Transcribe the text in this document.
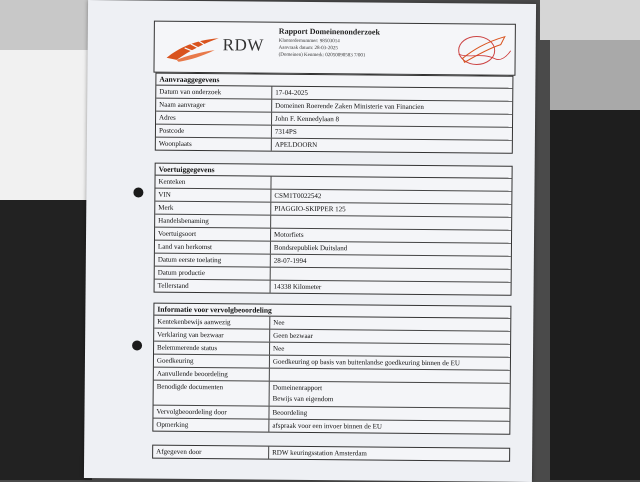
RDW
Rapport Domeinenonderzoek
Klantordernummer: 98503014
Aanvraak datum: 28-03-2025
(Domeinen) Kenmerk: 02050090583 7/001
Aanvraaggegevens
Datum van onderzoek	17-04-2025
Naam aanvrager	Domeinen Roerende Zaken Ministerie van Financien
Adres	John F. Kennedylaan 8
Postcode	7314PS
Woonplaats	APELDOORN
Voertuiggegevens
Kenteken
VIN	CSM1T0022542
Merk	PIAGGIO-SKIPPER 125
Handelsbenaming
Voertuigsoort	Motorfiets
Land van herkomst	Bondsrepubliek Duitsland
Datum eerste toelating	28-07-1994
Datum productie
Tellerstand	14338 Kilometer
Informatie voor vervolgbeoordeling
Kentekenbewijs aanwezig	Nee
Verklaring van bezwaar	Geen bezwaar
Belemmerende status	Nee
Goedkeuring	Goedkeuring op basis van buitenlandse goedkeuring binnen de EU
Aanvullende beoordeling
Benodigde documenten	Domeinenrapport
Bewijs van eigendom
Vervolgbeoordeling door	Beoordeling
Opmerking	afspraak voor een invoer binnen de EU
Afgegeven door	RDW keuringsstation Amsterdam
